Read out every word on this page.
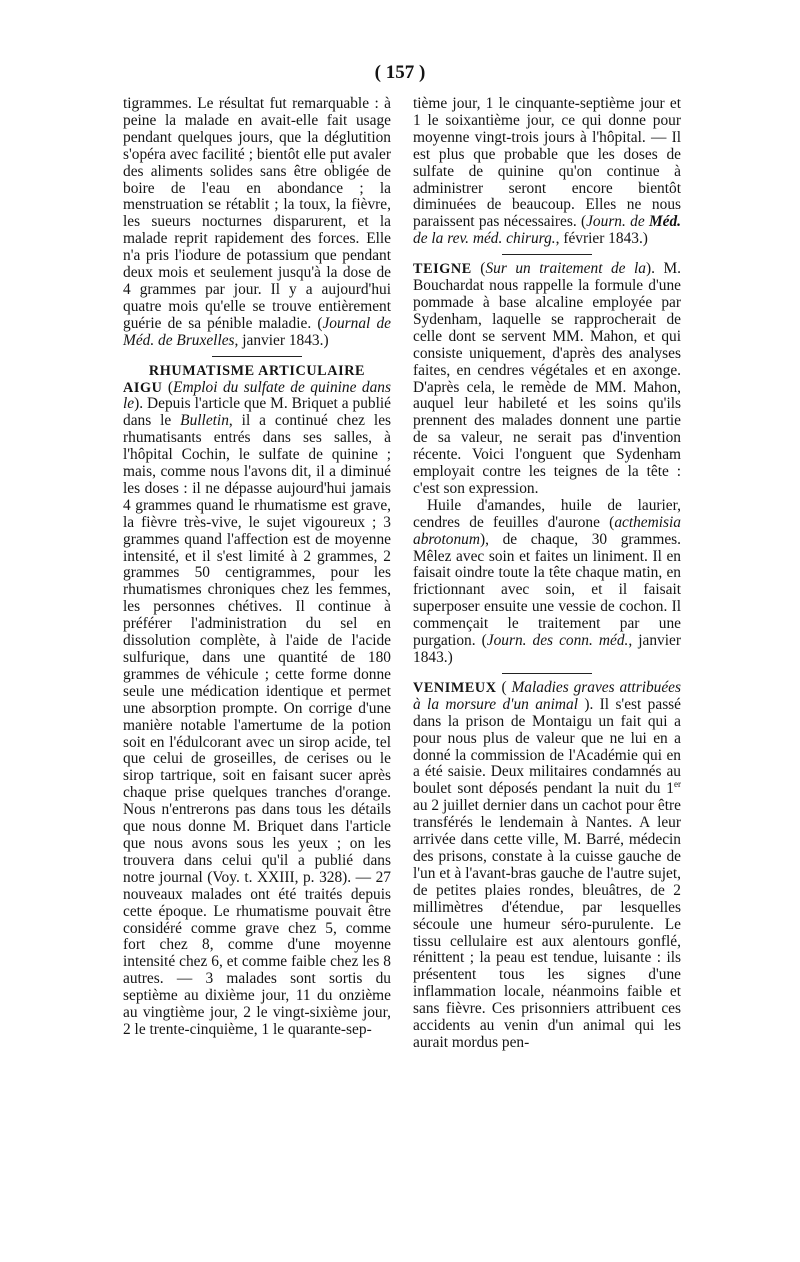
( 157 )

tigrammes. Le résultat fut remarquable : à peine la malade en avait-elle fait usage pendant quelques jours, que la déglutition s'opéra avec facilité ; bientôt elle put avaler des aliments solides sans être obligée de boire de l'eau en abondance ; la menstruation se rétablit ; la toux, la fièvre, les sueurs nocturnes disparurent, et la malade reprit rapidement des forces. Elle n'a pris l'iodure de potassium que pendant deux mois et seulement jusqu'à la dose de 4 grammes par jour. Il y a aujourd'hui quatre mois qu'elle se trouve entièrement guérie de sa pénible maladie. (Journal de Méd. de Bruxelles, janvier 1843.)

RHUMATISME ARTICULAIRE
AIGU (Emploi du sulfate de quinine dans le). Depuis l'article que M. Briquet a publié dans le Bulletin, il a continué chez les rhumatisants entrés dans ses salles, à l'hôpital Cochin, le sulfate de quinine ; mais, comme nous l'avons dit, il a diminué les doses : il ne dépasse aujourd'hui jamais 4 grammes quand le rhumatisme est grave, la fièvre très-vive, le sujet vigoureux ; 3 grammes quand l'affection est de moyenne intensité, et il s'est limité à 2 grammes, 2 grammes 50 centigrammes, pour les rhumatismes chroniques chez les femmes, les personnes chétives. Il continue à préférer l'administration du sel en dissolution complète, à l'aide de l'acide sulfurique, dans une quantité de 180 grammes de véhicule ; cette forme donne seule une médication identique et permet une absorption prompte. On corrige d'une manière notable l'amertume de la potion soit en l'édulcorant avec un sirop acide, tel que celui de groseilles, de cerises ou le sirop tartrique, soit en faisant sucer après chaque prise quelques tranches d'orange. Nous n'entrerons pas dans tous les détails que nous donne M. Briquet dans l'article que nous avons sous les yeux ; on les trouvera dans celui qu'il a publié dans notre journal (Voy. t. XXIII, p. 328). — 27 nouveaux malades ont été traités depuis cette époque. Le rhumatisme pouvait être considéré comme grave chez 5, comme fort chez 8, comme d'une moyenne intensité chez 6, et comme faible chez les 8 autres. — 3 malades sont sortis du septième au dixième jour, 11 du onzième au vingtième jour, 2 le vingt-sixième jour, 2 le trente-cinquième, 1 le quarante-sep-

tième jour, 1 le cinquante-septième jour et 1 le soixantième jour, ce qui donne pour moyenne vingt-trois jours à l'hôpital. — Il est plus que probable que les doses de sulfate de quinine qu'on continue à administrer seront encore bientôt diminuées de beaucoup. Elles ne nous paraissent pas nécessaires. (Journ. de Méd. de la rev. méd. chirurg., février 1843.)

TEIGNE (Sur un traitement de la). M. Bouchardat nous rappelle la formule d'une pommade à base alcaline employée par Sydenham, laquelle se rapprocherait de celle dont se servent MM. Mahon, et qui consiste uniquement, d'après des analyses faites, en cendres végétales et en axonge. D'après cela, le remède de MM. Mahon, auquel leur habileté et les soins qu'ils prennent des malades donnent une partie de sa valeur, ne serait pas d'invention récente. Voici l'onguent que Sydenham employait contre les teignes de la tête : c'est son expression.

Huile d'amandes, huile de laurier, cendres de feuilles d'aurone (acthemisia abrotonum), de chaque, 30 grammes. Mêlez avec soin et faites un liniment. Il en faisait oindre toute la tête chaque matin, en frictionnant avec soin, et il faisait superposer ensuite une vessie de cochon. Il commençait le traitement par une purgation. (Journ. des conn. méd., janvier 1843.)

VENIMEUX ( Maladies graves attribuées à la morsure d'un animal ). Il s'est passé dans la prison de Montaigu un fait qui a pour nous plus de valeur que ne lui en a donné la commission de l'Académie qui en a été saisie. Deux militaires condamnés au boulet sont déposés pendant la nuit du 1er au 2 juillet dernier dans un cachot pour être transférés le lendemain à Nantes. A leur arrivée dans cette ville, M. Barré, médecin des prisons, constate à la cuisse gauche de l'un et à l'avant-bras gauche de l'autre sujet, de petites plaies rondes, bleuâtres, de 2 millimètres d'étendue, par lesquelles sécoule une humeur séro-purulente. Le tissu cellulaire est aux alentours gonflé, rénittent ; la peau est tendue, luisante : ils présentent tous les signes d'une inflammation locale, néanmoins faible et sans fièvre. Ces prisonniers attribuent ces accidents au venin d'un animal qui les aurait mordus pen-
